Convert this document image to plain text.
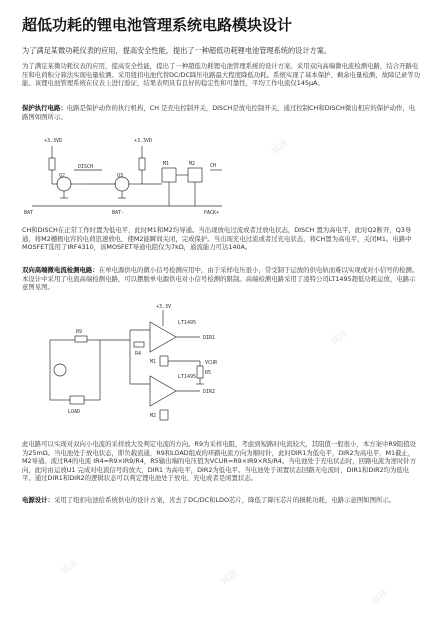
超低功耗的锂电池管理系统电路模块设计
为了满足某微功耗仪表的应用，提高安全性能，提出了一种超低功耗锂电池管理系统的设计方案。
为了满足某微功耗仪表的应用，提高安全性能，提出了一种超低功耗锂电池管理系统的设计方案。采用双向高端微电流检测电路，结合开路电压和电荷积分算法实现电量检测。采用纽扣电池代替DC/DC降压电路最大程度降低功耗。系统实现了基本保护、剩余电量检测、故障记录等功能。该锂电池管理系统在仪表上进行验证，结果表明具有良好的稳定性和可靠性，平均工作电流仅145μA。
保护执行电路：电路是保护动作的执行机构，CH 是充电控制开关，DISCH是放电控制开关，通过控制CH和DISCH微出相应的保护动作，电路图如图所示。
+3.3VD	+3.3VD
Q2	Q3
M1	M2
DISCH	CH
BAT	BAT-	PACK+
CH和DISCH在正常工作时置为低电平，此时M1和M2均导通。当出现放电过流或者过放电状态，DISCH 置为高电平，此时Q2断开，Q3导通，将M2栅极电容的电荷迅速放电，使M2能瞬间关闭，完成保护。当出现充电过流或者过充电状态，将CH置为高电平，关闭M1。电路中MOSFET选用了IRF4310，该MOSFET导通电阻仅为7kΩ，通流能力可达140A。
双向高端微电流检测电路：在单电源供电的微小信号检测应用中，由于采样电压很小，常受制于运放的供电轨而难以实现或对小信号的检测。本设计中采用了电流高端检测电路，可以摆脱单电源供电对小信号检测的限制。高端检测电路采用了凌特公司LT1495超低功耗运放，电路示意图见图。
+3.3V
LT1495
LT1495
DIR1
DIR2
VCUR
R9
LOAD
R4
R5
M1
M2
此电路可以实现对双向小电流的采样放大及判定电流的方向。R9为采样电阻，考虑到短路时电流较大，其阻值一般很小，本方案中R9阻值设为25mΩ。当电池处于放电状态，即负载流通，R9和LOAD组成的环路电流方向为顺时针，此时DIR1为低电平，DIR2为高电平，M1截止，M2导通。流过R4的电流 IR4=R9×IR9/R4，R5输出端的电压值为VCUR=R9×IR9×R5/R4。当电池处于充电状态时，回路电流为逆时针方向，此时由运放U1 完成对电流信号的放大，DIR1 为高电平，DIR2为低电平。当电池处于闲置状态回路无电流时，DIR1和DIR2均为低电平。通过DIR1和DIR2的逻辑状态可以判定锂电池处于放电、充电或者是闲置状态。
电源设计：采用了纽扣电池给系统供电的设计方案，省去了DC/DC和LDO芯片，降低了降压芯片的损耗功耗，电路示意图如图所示。
试读
试读
试读
试读
试读
